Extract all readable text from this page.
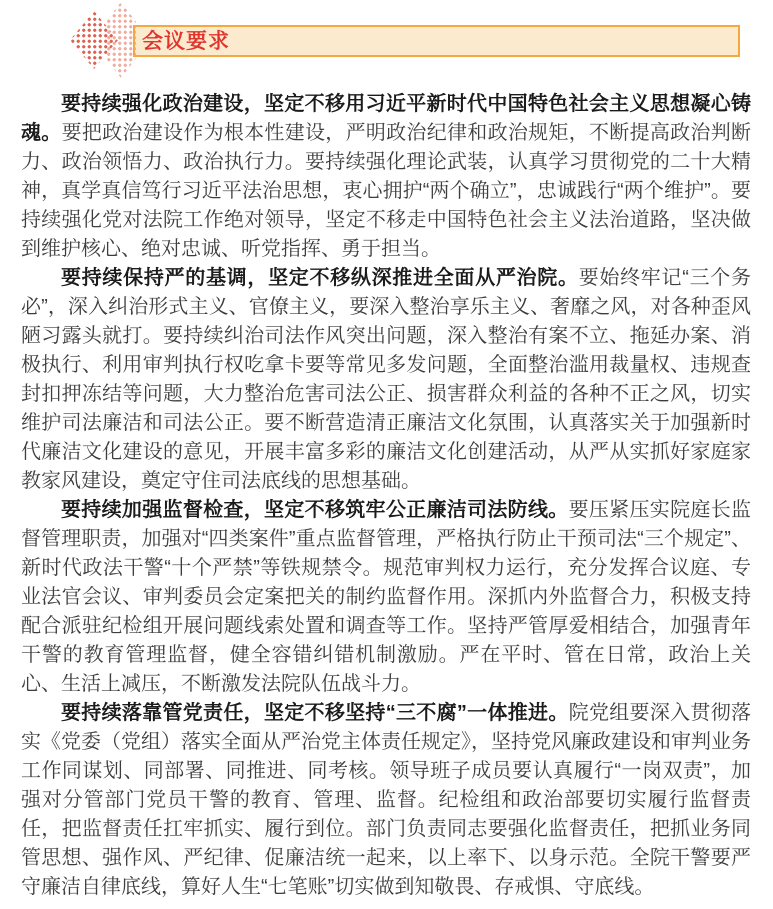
会议要求

要持续强化政治建设，坚定不移用习近平新时代中国特色社会主义思想凝心铸魂。要把政治建设作为根本性建设，严明政治纪律和政治规矩，不断提高政治判断力、政治领悟力、政治执行力。要持续强化理论武装，认真学习贯彻党的二十大精神，真学真信笃行习近平法治思想，衷心拥护“两个确立”，忠诚践行“两个维护”。要持续强化党对法院工作绝对领导，坚定不移走中国特色社会主义法治道路，坚决做到维护核心、绝对忠诚、听党指挥、勇于担当。

要持续保持严的基调，坚定不移纵深推进全面从严治院。要始终牢记“三个务必”，深入纠治形式主义、官僚主义，要深入整治享乐主义、奢靡之风，对各种歪风陋习露头就打。要持续纠治司法作风突出问题，深入整治有案不立、拖延办案、消极执行、利用审判执行权吃拿卡要等常见多发问题，全面整治滥用裁量权、违规查封扣押冻结等问题，大力整治危害司法公正、损害群众利益的各种不正之风，切实维护司法廉洁和司法公正。要不断营造清正廉洁文化氛围，认真落实关于加强新时代廉洁文化建设的意见，开展丰富多彩的廉洁文化创建活动，从严从实抓好家庭家教家风建设，奠定守住司法底线的思想基础。

要持续加强监督检查，坚定不移筑牢公正廉洁司法防线。要压紧压实院庭长监督管理职责，加强对“四类案件”重点监督管理，严格执行防止干预司法“三个规定”、新时代政法干警“十个严禁”等铁规禁令。规范审判权力运行，充分发挥合议庭、专业法官会议、审判委员会定案把关的制约监督作用。深抓内外监督合力，积极支持配合派驻纪检组开展问题线索处置和调查等工作。坚持严管厚爱相结合，加强青年干警的教育管理监督，健全容错纠错机制激励。严在平时、管在日常，政治上关心、生活上减压，不断激发法院队伍战斗力。

要持续落靠管党责任，坚定不移坚持“三不腐”一体推进。院党组要深入贯彻落实《党委（党组）落实全面从严治党主体责任规定》，坚持党风廉政建设和审判业务工作同谋划、同部署、同推进、同考核。领导班子成员要认真履行“一岗双责”，加强对分管部门党员干警的教育、管理、监督。纪检组和政治部要切实履行监督责任，把监督责任扛牢抓实、履行到位。部门负责同志要强化监督责任，把抓业务同管思想、强作风、严纪律、促廉洁统一起来，以上率下、以身示范。全院干警要严守廉洁自律底线，算好人生“七笔账”切实做到知敬畏、存戒惧、守底线。
